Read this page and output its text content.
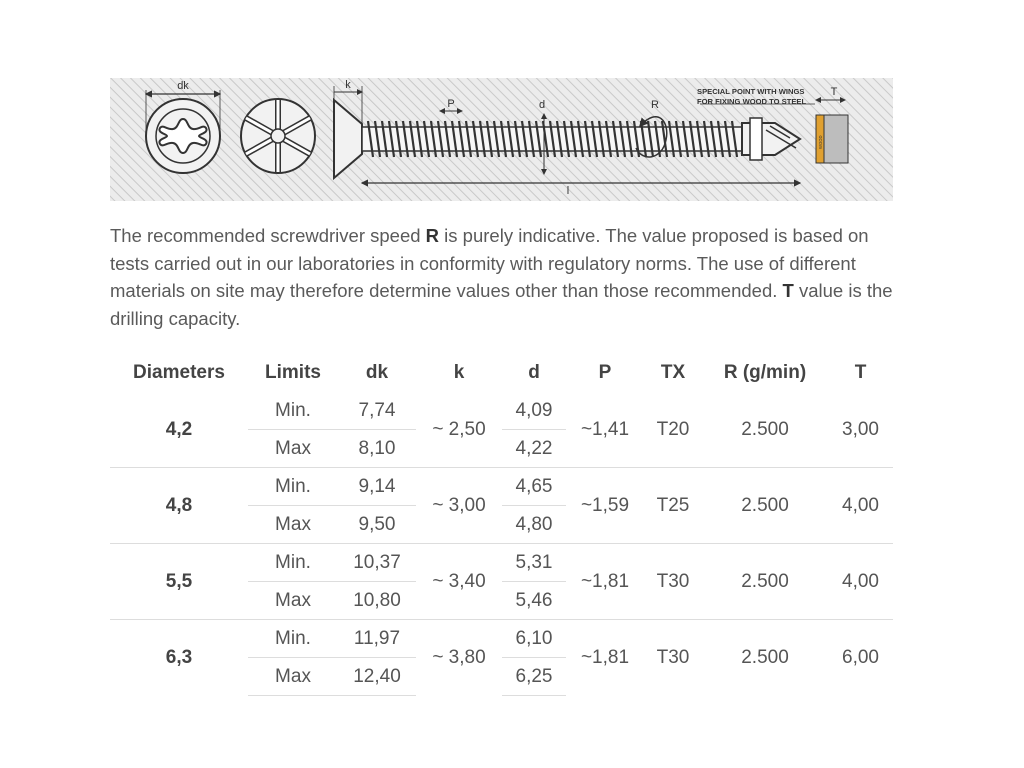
dk	k
P	d	R
l
SPECIAL POINT WITH WINGS
FOR FIXING WOOD TO STEEL
T
WOOD

The recommended screwdriver speed R is purely indicative. The value proposed is based on tests carried out in our laboratories in conformity with regulatory norms. The use of different materials on site may therefore determine values other than those recommended. T value is the drilling capacity.

Diameters	Limits	dk	k	d	P	TX	R (g/min)	T
4,2	Min.	7,74	~ 2,50	4,09	~1,41	T20	2.500	3,00
	Max	8,10		4,22				
4,8	Min.	9,14	~ 3,00	4,65	~1,59	T25	2.500	4,00
	Max	9,50		4,80				
5,5	Min.	10,37	~ 3,40	5,31	~1,81	T30	2.500	4,00
	Max	10,80		5,46				
6,3	Min.	11,97	~ 3,80	6,10	~1,81	T30	2.500	6,00
	Max	12,40		6,25				
